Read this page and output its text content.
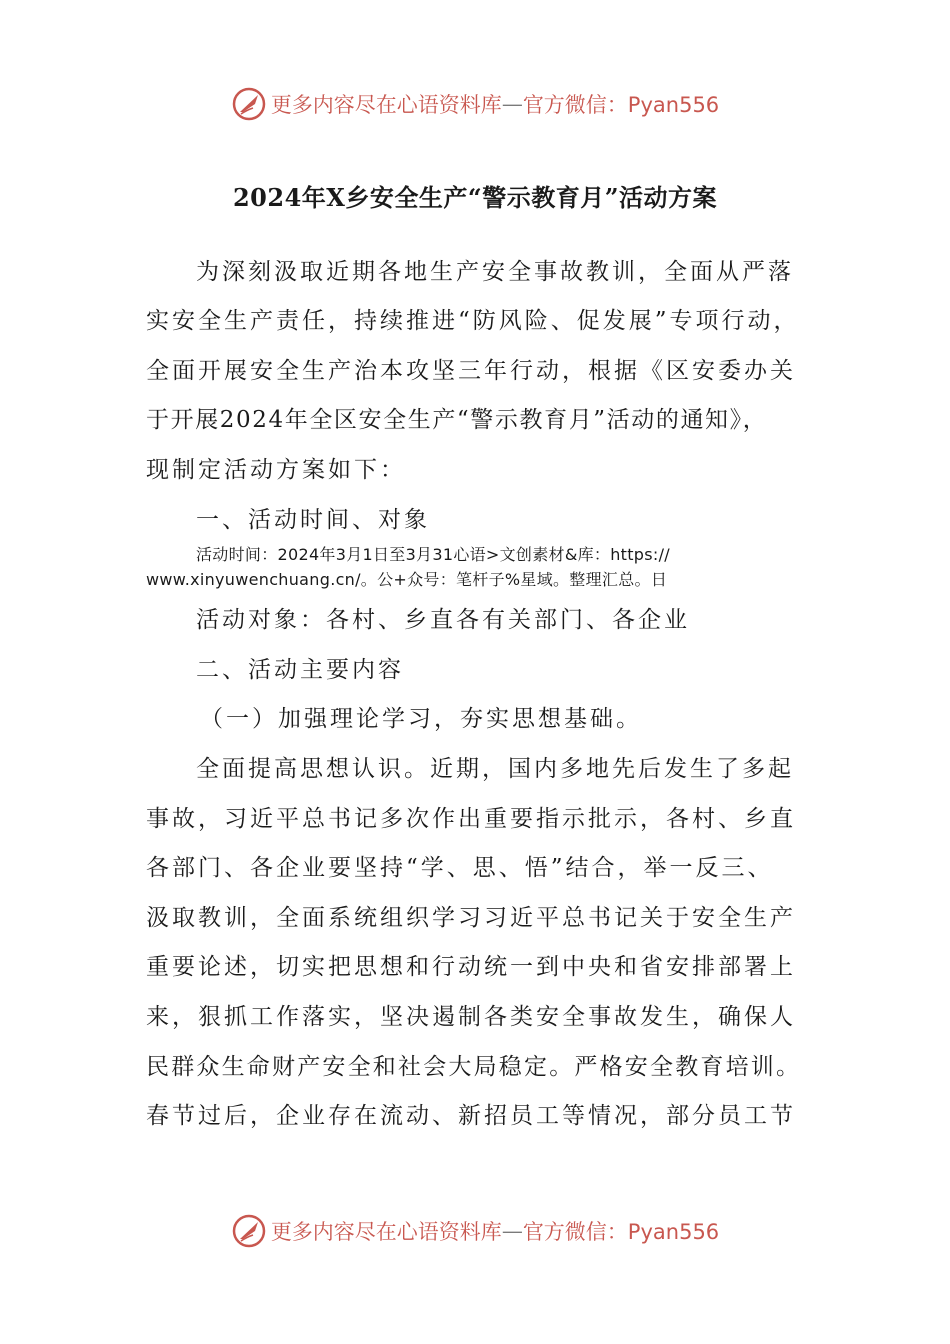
更多内容尽在心语资料库 — 官方微信：Pyan556
2024年X乡安全生产“警示教育月”活动方案
为深刻汲取近期各地生产安全事故教训，全面从严落
实安全生产责任，持续推进“防风险、促发展”专项行动，
全面开展安全生产治本攻坚三年行动，根据《区安委办关
于开展2024年全区安全生产“警示教育月”活动的通知》，
现制定活动方案如下：
一、活动时间、对象
活动时间：2024年3月1日至3月31心语>文创素材&库：https://
www.xinyuwenchuang.cn/。公+众号：笔杆子%星域。整理汇总。日
活动对象：各村、乡直各有关部门、各企业
二、活动主要内容
（一）加强理论学习，夯实思想基础。
全面提高思想认识。近期，国内多地先后发生了多起
事故，习近平总书记多次作出重要指示批示，各村、乡直
各部门、各企业要坚持“学、思、悟”结合，举一反三、
汲取教训，全面系统组织学习习近平总书记关于安全生产
重要论述，切实把思想和行动统一到中央和省安排部署上
来，狠抓工作落实，坚决遏制各类安全事故发生，确保人
民群众生命财产安全和社会大局稳定。严格安全教育培训。
春节过后，企业存在流动、新招员工等情况，部分员工节
更多内容尽在心语资料库 — 官方微信：Pyan556
